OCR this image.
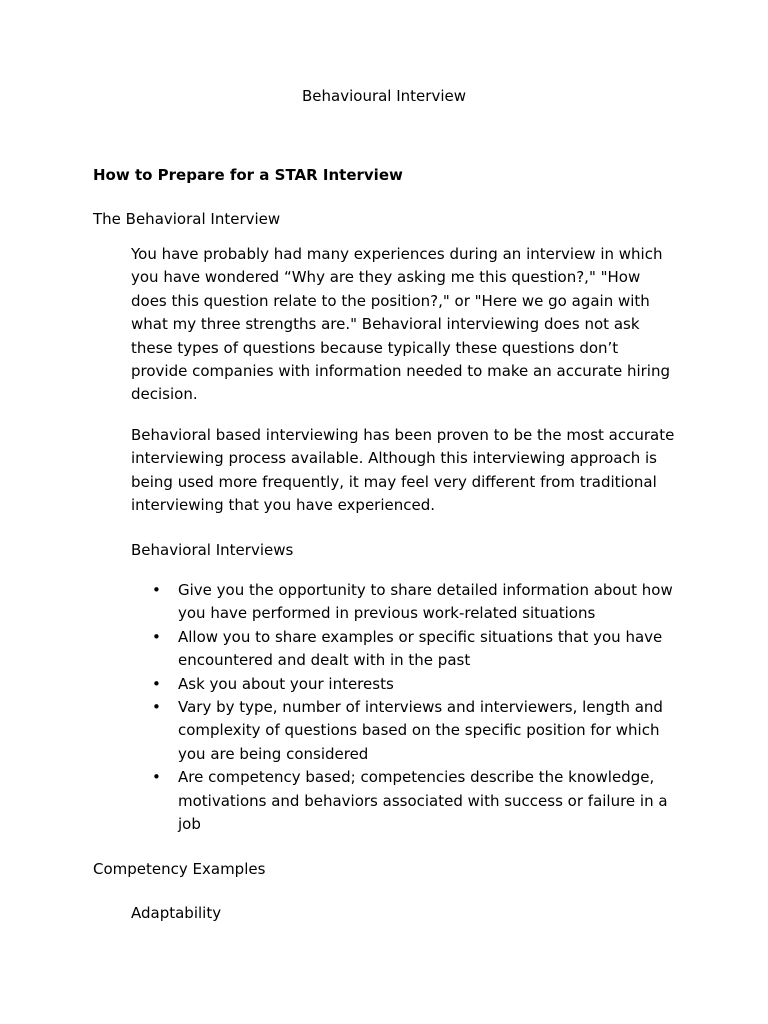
Behavioural Interview
How to Prepare for a STAR Interview
The Behavioral Interview

You have probably had many experiences during an interview in which you have wondered “Why are they asking me this question?," "How does this question relate to the position?," or "Here we go again with what my three strengths are." Behavioral interviewing does not ask these types of questions because typically these questions don’t provide companies with information needed to make an accurate hiring decision.

Behavioral based interviewing has been proven to be the most accurate interviewing process available. Although this interviewing approach is being used more frequently, it may feel very different from traditional interviewing that you have experienced.

Behavioral Interviews
• Give you the opportunity to share detailed information about how you have performed in previous work-related situations
• Allow you to share examples or specific situations that you have encountered and dealt with in the past
• Ask you about your interests
• Vary by type, number of interviews and interviewers, length and complexity of questions based on the specific position for which you are being considered
• Are competency based; competencies describe the knowledge, motivations and behaviors associated with success or failure in a job
Competency Examples
Adaptability
